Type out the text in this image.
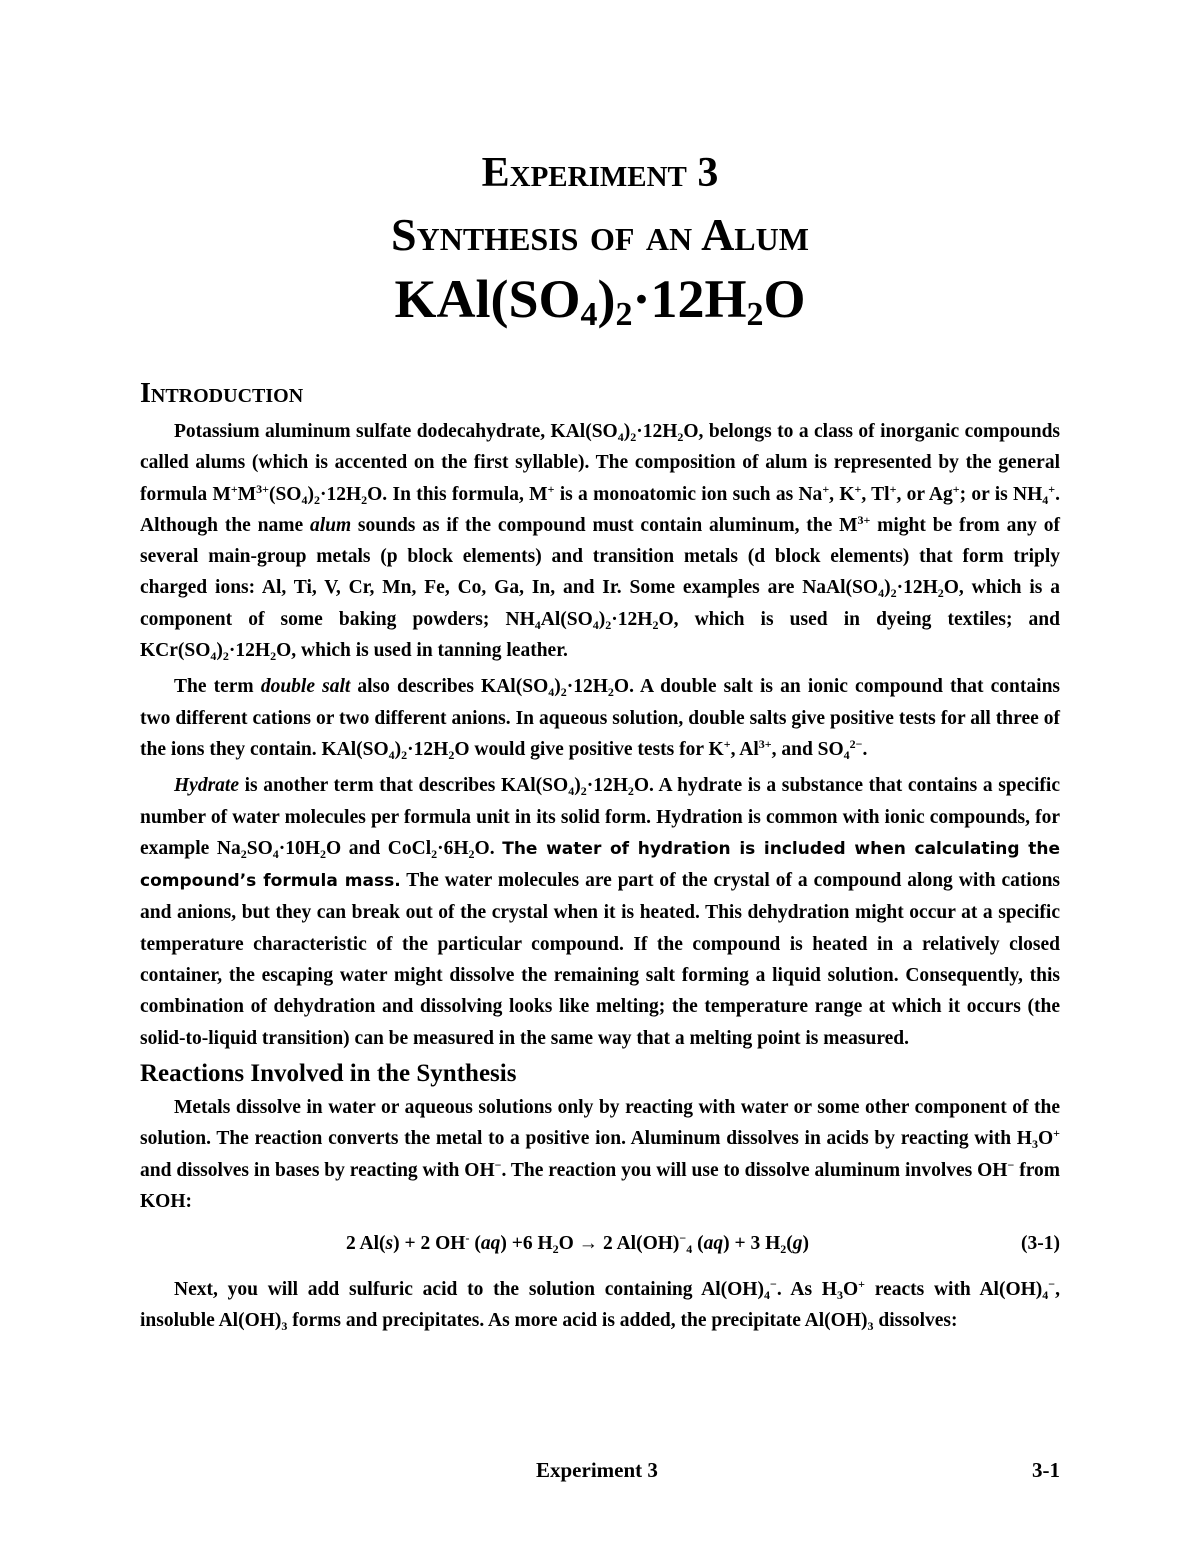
Experiment 3
Synthesis of an Alum
$KAl(SO_4)_2\cdot 12H_2O$
Introduction

Potassium aluminum sulfate dodecahydrate, $KAl(SO_4)_2\cdot 12H_2O$, belongs to a class of inorganic compounds called alums (which is accented on the first syllable). The composition of alum is represented by the general formula $M^+M^{3+}(SO_4)_2\cdot 12H_2O$. In this formula, M+ is a monoatomic ion such as Na+, K+, Tl+, or Ag+; or is $NH_4^+$. Although the name alum sounds as if the compound must contain aluminum, the $M^{3+}$ might be from any of several main-group metals (p block elements) and transition metals (d block elements) that form triply charged ions: Al, Ti, V, Cr, Mn, Fe, Co, Ga, In, and Ir. Some examples are $NaAl(SO_4)_2\cdot 12H_2O$, which is a component of some baking powders; $NH_4Al(SO_4)_2\cdot 12H_2O$, which is used in dyeing textiles; and $KCr(SO_4)_2\cdot 12H_2O$, which is used in tanning leather.

The term double salt also describes $KAl(SO_4)_2\cdot 12H_2O$. A double salt is an ionic compound that contains two different cations or two different anions. In aqueous solution, double salts give positive tests for all three of the ions they contain. $KAl(SO_4)_2\cdot 12H_2O$ would give positive tests for K+, $Al^{3+}$, and $SO_4^{2-}$.

Hydrate is another term that describes $KAl(SO_4)_2\cdot 12H_2O$. A hydrate is a substance that contains a specific number of water molecules per formula unit in its solid form. Hydration is common with ionic compounds, for example $Na_2SO_4\cdot 10H_2O$ and $CoCl_2\cdot 6H_2O$. The water of hydration is included when calculating the compound’s formula mass. The water molecules are part of the crystal of a compound along with cations and anions, but they can break out of the crystal when it is heated. This dehydration might occur at a specific temperature characteristic of the particular compound. If the compound is heated in a relatively closed container, the escaping water might dissolve the remaining salt forming a liquid solution. Consequently, this combination of dehydration and dissolving looks like melting; the temperature range at which it occurs (the solid-to-liquid transition) can be measured in the same way that a melting point is measured.

Reactions Involved in the Synthesis

Metals dissolve in water or aqueous solutions only by reacting with water or some other component of the solution. The reaction converts the metal to a positive ion. Aluminum dissolves in acids by reacting with $H_3O^+$ and dissolves in bases by reacting with OH−. The reaction you will use to dissolve aluminum involves OH− from KOH:

2 Al(s) + 2 OH- (aq) +6 $H_2O \to 2$ $Al(OH)^-_4$ (aq) + 3 $H_2(g)$	(3-1)

Next, you will add sulfuric acid to the solution containing $Al(OH)_4^-$. As $H_3O^+$ reacts with $Al(OH)_4^-$, insoluble $Al(OH)_3$ forms and precipitates. As more acid is added, the precipitate $Al(OH)_3$ dissolves:

Experiment 3	3-1
